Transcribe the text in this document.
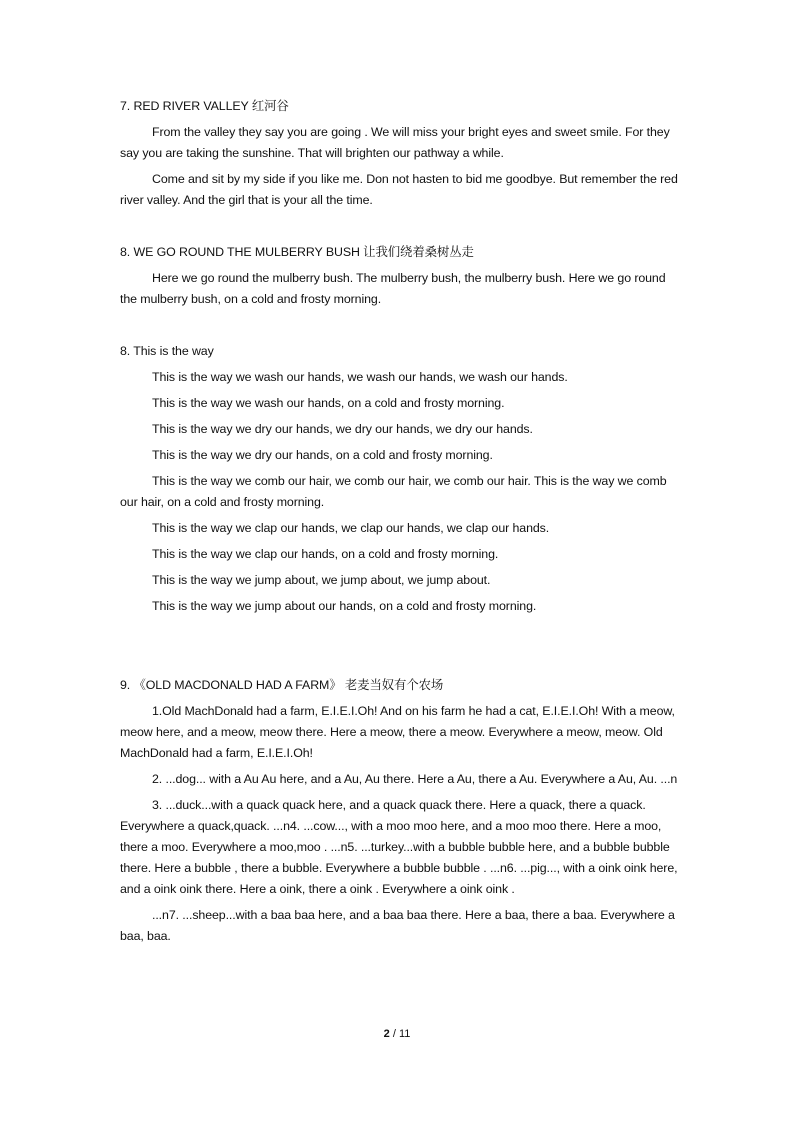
7. RED RIVER VALLEY 红河谷

From the valley they say you are going . We will miss your bright eyes and sweet smile. For they say you are taking the sunshine. That will brighten our pathway a while.

Come and sit by my side if you like me. Don not hasten to bid me goodbye. But remember the red river valley. And the girl that is your all the time.

8. WE GO ROUND THE MULBERRY BUSH 让我们绕着桑树丛走

Here we go round the mulberry bush. The mulberry bush, the mulberry bush. Here we go round the mulberry bush, on a cold and frosty morning.

8. This is the way

This is the way we wash our hands, we wash our hands, we wash our hands.

This is the way we wash our hands, on a cold and frosty morning.

This is the way we dry our hands, we dry our hands, we dry our hands.

This is the way we dry our hands, on a cold and frosty morning.

This is the way we comb our hair, we comb our hair, we comb our hair. This is the way we comb our hair, on a cold and frosty morning.

This is the way we clap our hands, we clap our hands, we clap our hands.

This is the way we clap our hands, on a cold and frosty morning.

This is the way we jump about, we jump about, we jump about.

This is the way we jump about our hands, on a cold and frosty morning.

9. 《OLD MACDONALD HAD A FARM》 老麦当奴有个农场

1.Old MachDonald had a farm, E.I.E.I.Oh! And on his farm he had a cat, E.I.E.I.Oh! With a meow, meow here, and a meow, meow there. Here a meow, there a meow. Everywhere a meow, meow. Old MachDonald had a farm, E.I.E.I.Oh!

2. ...dog... with a Au Au here, and a Au, Au there. Here a Au, there a Au. Everywhere a Au, Au. ...n

3. ...duck...with a quack quack here, and a quack quack there. Here a quack, there a quack. Everywhere a quack,quack. ...n4. ...cow..., with a moo moo here, and a moo moo there. Here a moo, there a moo. Everywhere a moo,moo . ...n5. ...turkey...with a bubble bubble here, and a bubble bubble there. Here a bubble , there a bubble. Everywhere a bubble bubble . ...n6. ...pig..., with a oink oink here, and a oink oink there. Here a oink, there a oink . Everywhere a oink oink .

...n7. ...sheep...with a baa baa here, and a baa baa there. Here a baa, there a baa. Everywhere a baa, baa.

2 / 11
